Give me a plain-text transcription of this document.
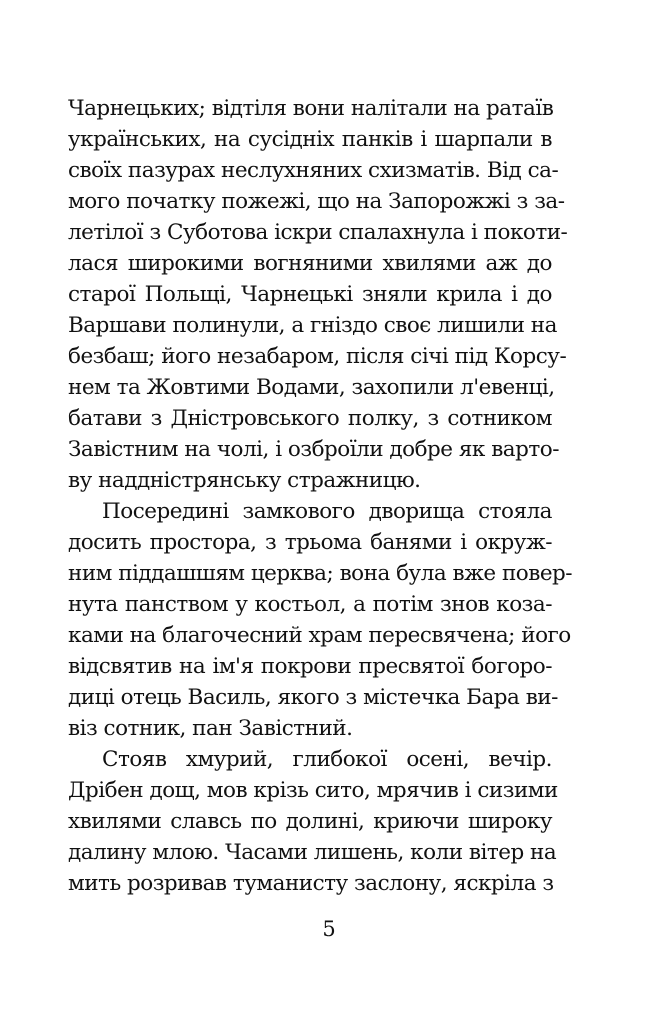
Чарнецьких; відтіля вони налітали на ратаїв
українських, на сусідніх панків і шарпали в
своїх пазурах неслухняних схизматів. Від са-
мого початку пожежі, що на Запорожжі з за-
летілої з Суботова іскри спалахнула і покоти-
лася широкими вогняними хвилями аж до
старої Польщі, Чарнецькі зняли крила і до
Варшави полинули, а гніздо своє лишили на
безбаш; його незабаром, після січі під Корсу-
нем та Жовтими Водами, захопили л'евенці,
батави з Дністровського полку, з сотником
Завістним на чолі, і озброїли добре як варто-
ву наддністрянську стражницю.
Посередині замкового дворища стояла
досить простора, з трьома банями і окруж-
ним піддашшям церква; вона була вже повер-
нута панством у костьол, а потім знов коза-
ками на благочесний храм пересвячена; його
відсвятив на ім'я покрови пресвятої богоро-
диці отець Василь, якого з містечка Бара ви-
віз сотник, пан Завістний.
Стояв хмурий, глибокої осені, вечір.
Дрібен дощ, мов крізь сито, мрячив і сизими
хвилями славсь по долині, криючи широку
далину млою. Часами лишень, коли вітер на
мить розривав туманисту заслону, яскріла з
5
